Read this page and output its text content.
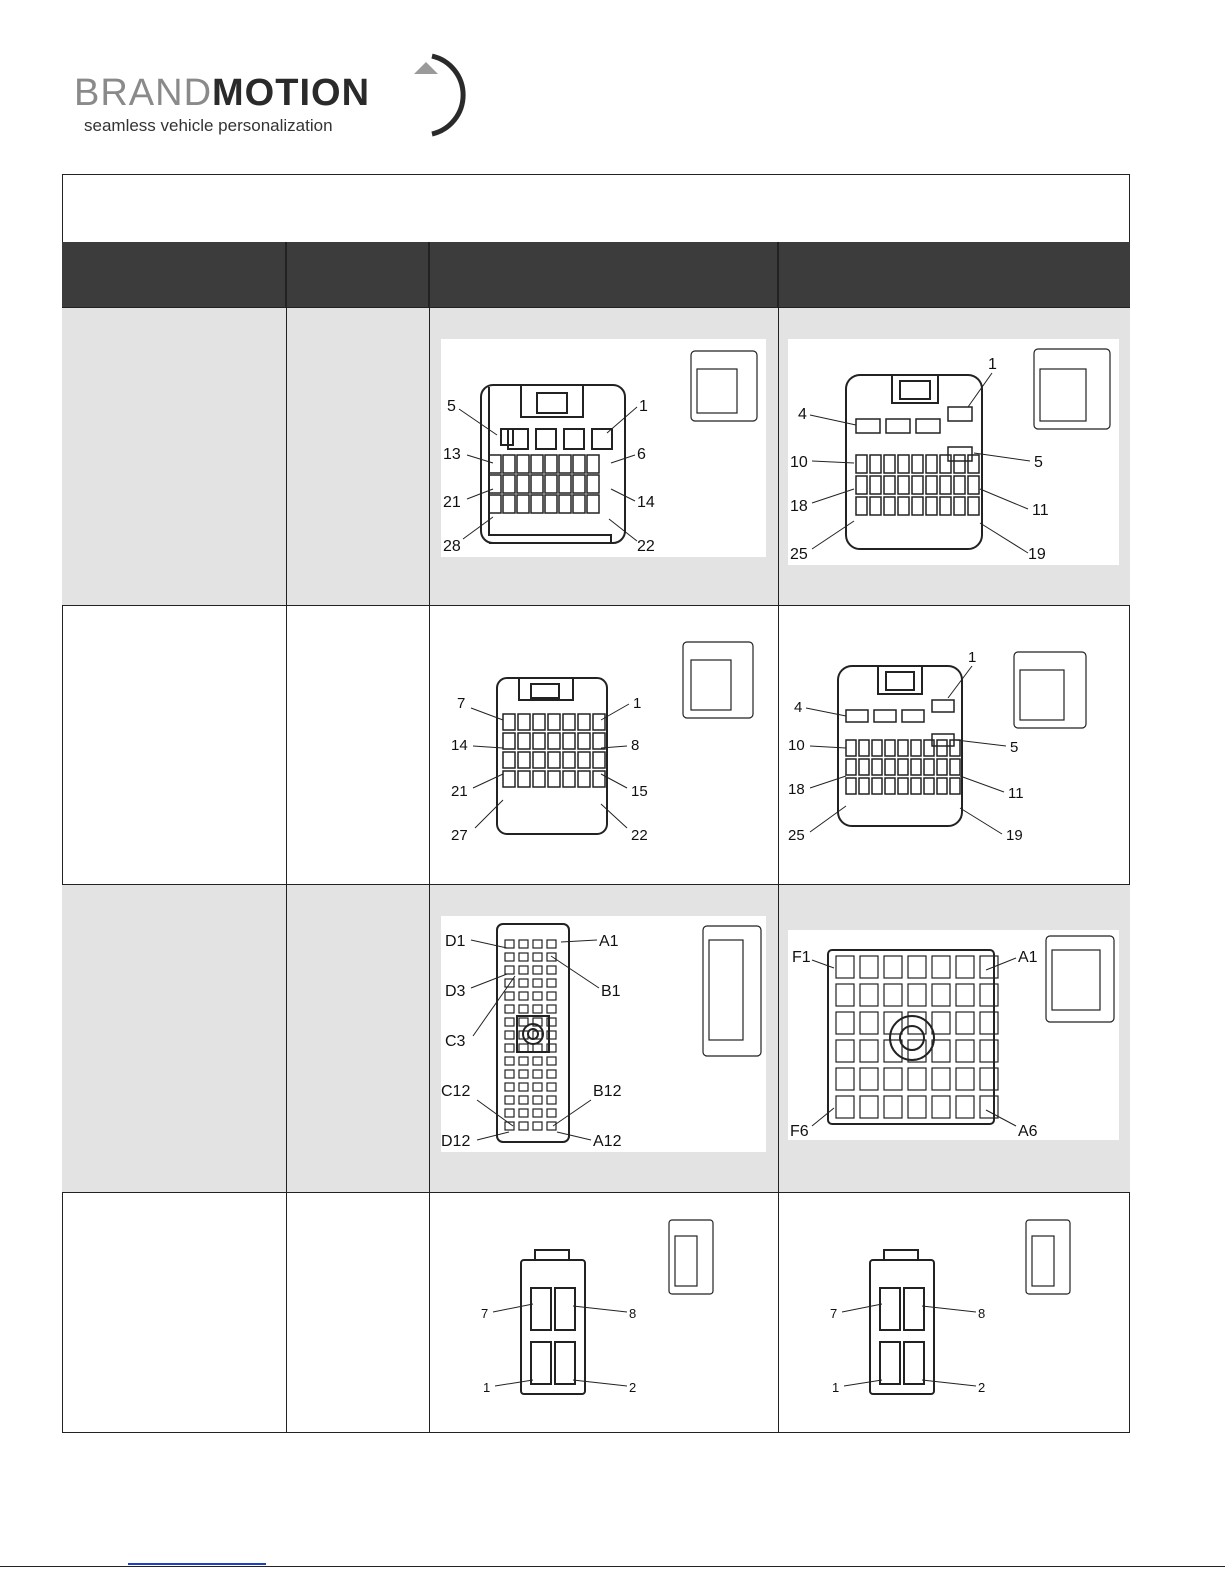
BRANDMOTION
seamless vehicle personalization
5	1
13	6
21	14
28	22
1
4
5
10
18	11
25	19
7	1
14	8
21	15
27	22
1
4
5
10
18	11
25	19
D1	A1
D3	B1
C3
C12	B12
D12	A12
F1	A1
F6	A6
7	8
1	2
7	8
1	2
